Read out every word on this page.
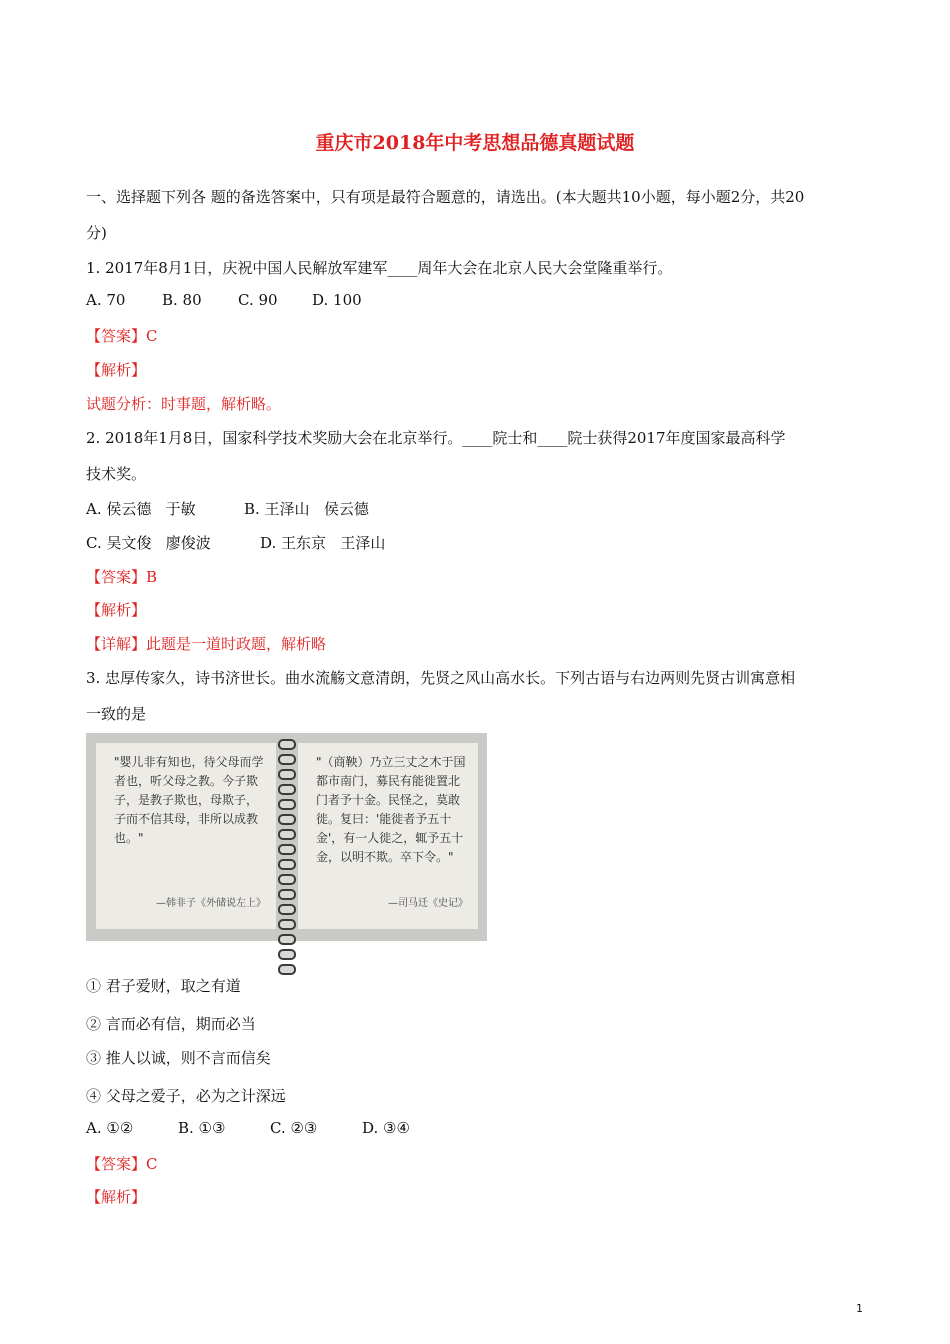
重庆市2018年中考思想品德真题试题
一、选择题下列各 题的备选答案中，只有项是最符合题意的，请选出。(本大题共10小题，每小题2分，共20
分)
1. 2017年8月1日，庆祝中国人民解放军建军____周年大会在北京人民大会堂隆重举行。
A. 70 B. 80 C. 90 D. 100
【答案】C
【解析】
试题分析：时事题，解析略。
2. 2018年1月8日，国家科学技术奖励大会在北京举行。____院士和____院士获得2017年度国家最高科学
技术奖。
A. 侯云德   于敏	B. 王泽山   侯云德
C. 吴文俊   廖俊波	D. 王东京   王泽山
【答案】B
【解析】
【详解】此题是一道时政题，解析略
3. 忠厚传家久，诗书济世长。曲水流觞文意清朗，先贤之风山高水长。下列古语与右边两则先贤古训寓意相
一致的是
"婴儿非有知也，待父母而学者也，听父母之教。今子欺子，是教子欺也，母欺子，子而不信其母，非所以成教也。"
—韩非子《外储说左上》
"（商鞅）乃立三丈之木于国都市南门，募民有能徙置北门者予十金。民怪之，莫敢徙。复曰：'能徙者予五十金'，有一人徙之，辄予五十金，以明不欺。卒下令。"
—司马迁《史记》
① 君子爱财，取之有道
② 言而必有信，期而必当
③ 推人以诚，则不言而信矣
④ 父母之爱子，必为之计深远
A. ①②	B. ①③	C. ②③	D. ③④
【答案】C
【解析】
1
